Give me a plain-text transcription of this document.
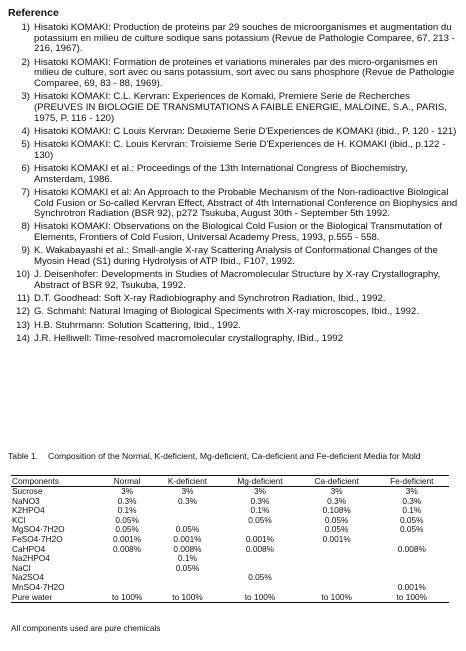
Reference
1) Hisatoki KOMAKI: Production de proteins par 29 souches de microorganismes et augmentation du potassium en milieu de culture sodique sans potassium (Revue de Pathologie Comparee, 67, 213 - 216, 1967).
2) Hisatoki KOMAKI: Formation de proteines et variations minerales par des micro-organismes en milieu de culture, sort avec ou sans potassium, sort avec ou sans phosphore (Revue de Pathologie Comparee, 69, 83 - 88, 1969).
3) Hisatoki KOMAKI: C.L. Kervran: Experiences de Komaki, Premiere Serie de Recherches (PREUVES IN BIOLOGIE DE TRANSMUTATIONS A FAIBLE ENERGIE, MALOINE, S.A., PARIS, 1975, P. 116 - 120)
4) Hisatoki KOMAKI: C Louis Kervran: Deuxieme Serie D'Experiences de KOMAKI (ibid., P. 120 - 121)
5) Hisatoki KOMAKI: C. Louis Kervran: Troisieme Serie D'Experiences de H. KOMAKI (ibid., p.122 - 130)
6) Hisatoki KOMAKI et al.: Proceedings of the 13th International Congress of Biochemistry, Amsterdam, 1986.
7) Hisatoki KOMAKI et al: An Approach to the Probable Mechanism of the Non-radioactive Biological Cold Fusion or So-called Kervran Effect, Abstract of 4th International Conference on Biophysics and Synchrotron Radiation (BSR 92), p272 Tsukuba, August 30th - September 5th 1992.
8) Hisatoki KOMAKI: Observations on the Biological Cold Fusion or the Biological Transmutation of Elements, Frontiers of Cold Fusion, Universal Academy Press, 1993, p.555 - 558.
9) K. Wakabayashi et al.: Small-angle X-ray Scattering Analysis of Conformational Changes of the Myosin Head (S1) during Hydrolysis of ATP Ibid., F107, 1992.
10) J. Deisenhofer: Developments in Studies of Macromolecular Structure by X-ray Crystallography, Abstract of BSR 92, Tsukuba, 1992.
11) D.T. Goodhead: Soft X-ray Radiobiography and Synchrotron Radiation, Ibid., 1992.
12) G. Schmahl: Natural Imaging of Biological Speciments with X-ray microscopes, Ibid., 1992.
13) H.B. Stuhrmann: Solution Scattering, Ibid., 1992.
14) J.R. Helliwell: Time-resolved macromolecular crystallography, IBid., 1992
Table 1.	Composition of the Normal, K-deficient, Mg-deficient, Ca-deficient and Fe-deficient Media for Mold
Components	Normal	K-deficient	Mg-deficient	Ca-deficient	Fe-deficient
Sucrose	3%	3%	3%	3%	3%
NaNO3	0.3%	0.3%	0.3%	0.3%	0.3%
K2HPO4	0.1%		0.1%	0.108%	0.1%
KCl	0.05%		0.05%	0.05%	0.05%
MgSO4·7H2O	0.05%	0.05%		0.05%	0.05%
FeSO4·7H2O	0.001%	0.001%	0.001%	0.001%	
CaHPO4	0.008%	0.008%	0.008%		0.008%
Na2HPO4		0.1%			
NaCl		0.05%			
Na2SO4			0.05%		
MnSO4·7H2O					0.001%
Pure water	to 100%	to 100%	to 100%	to 100%	to 100%
All components used are pure chemicals
